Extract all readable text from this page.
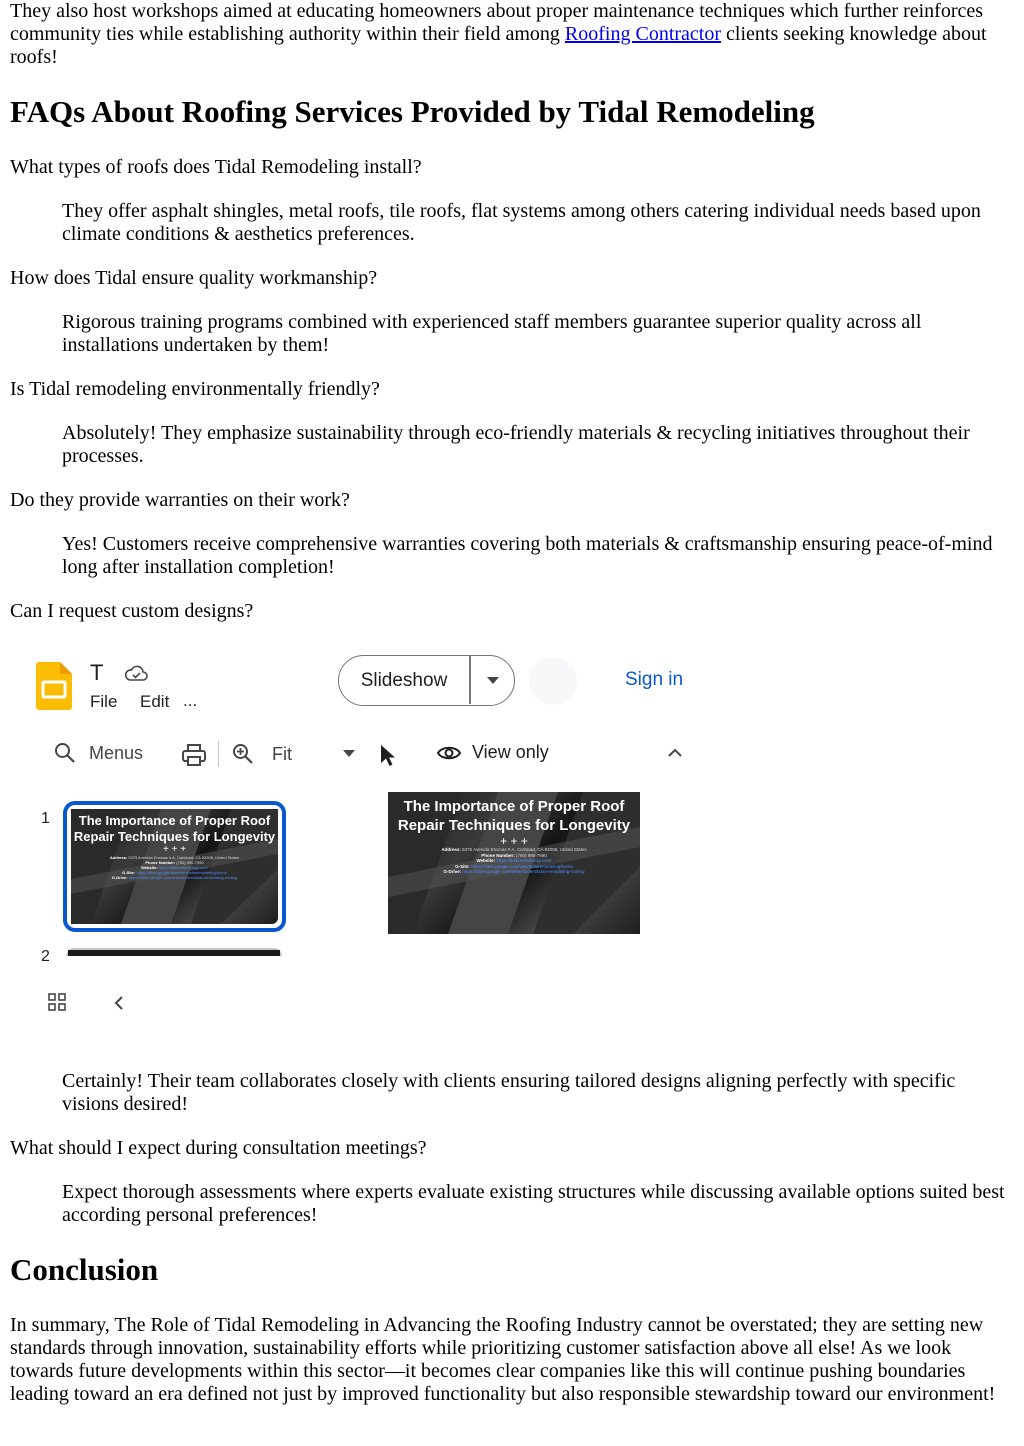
They also host workshops aimed at educating homeowners about proper maintenance techniques which further reinforces community ties while establishing authority within their field among Roofing Contractor clients seeking knowledge about roofs!

FAQs About Roofing Services Provided by Tidal Remodeling

What types of roofs does Tidal Remodeling install?

They offer asphalt shingles, metal roofs, tile roofs, flat systems among others catering individual needs based upon climate conditions & aesthetics preferences.

How does Tidal ensure quality workmanship?

Rigorous training programs combined with experienced staff members guarantee superior quality across all installations undertaken by them!

Is Tidal remodeling environmentally friendly?

Absolutely! They emphasize sustainability through eco-friendly materials & recycling initiatives throughout their processes.

Do they provide warranties on their work?

Yes! Customers receive comprehensive warranties covering both materials & craftsmanship ensuring peace-of-mind long after installation completion!

Can I request custom designs?

Certainly! Their team collaborates closely with clients ensuring tailored designs aligning perfectly with specific visions desired!

What should I expect during consultation meetings?

Expect thorough assessments where experts evaluate existing structures while discussing available options suited best according personal preferences!

Conclusion

In summary, The Role of Tidal Remodeling in Advancing the Roofing Industry cannot be overstated; they are setting new standards through innovation, sustainability efforts while prioritizing customer satisfaction above all else! As we look towards future developments within this sector—it becomes clear companies like this will continue pushing boundaries leading toward an era defined not just by improved functionality but also responsible stewardship toward our environment!

T
File Edit ...
Slideshow	Sign in
Menus	Fit	View only
1	The Importance of Proper Roof Repair Techniques for Longevity
+ + +
Address: 5375 Avenida Encinas # A, Carlsbad, CA 92008, United States
Phone Number: (760) 990-7990
Website: https://tidalremodeling.com/
G-Site: https://sites.google.com/view/tidalremodeling/home
G-Drive: https://drive.google.com/drive/folders/tidal-remodeling-roofing
2
The Importance of Proper Roof Repair Techniques for Longevity
+ + +
Address: 5375 Avenida Encinas # A, Carlsbad, CA 92008, United States
Phone Number: (760) 990-7990
Website: https://tidalremodeling.com/
G-Site: https://sites.google.com/view/tidalremodeling/home
G-Drive: https://drive.google.com/drive/folders/tidal-remodeling-roofing
